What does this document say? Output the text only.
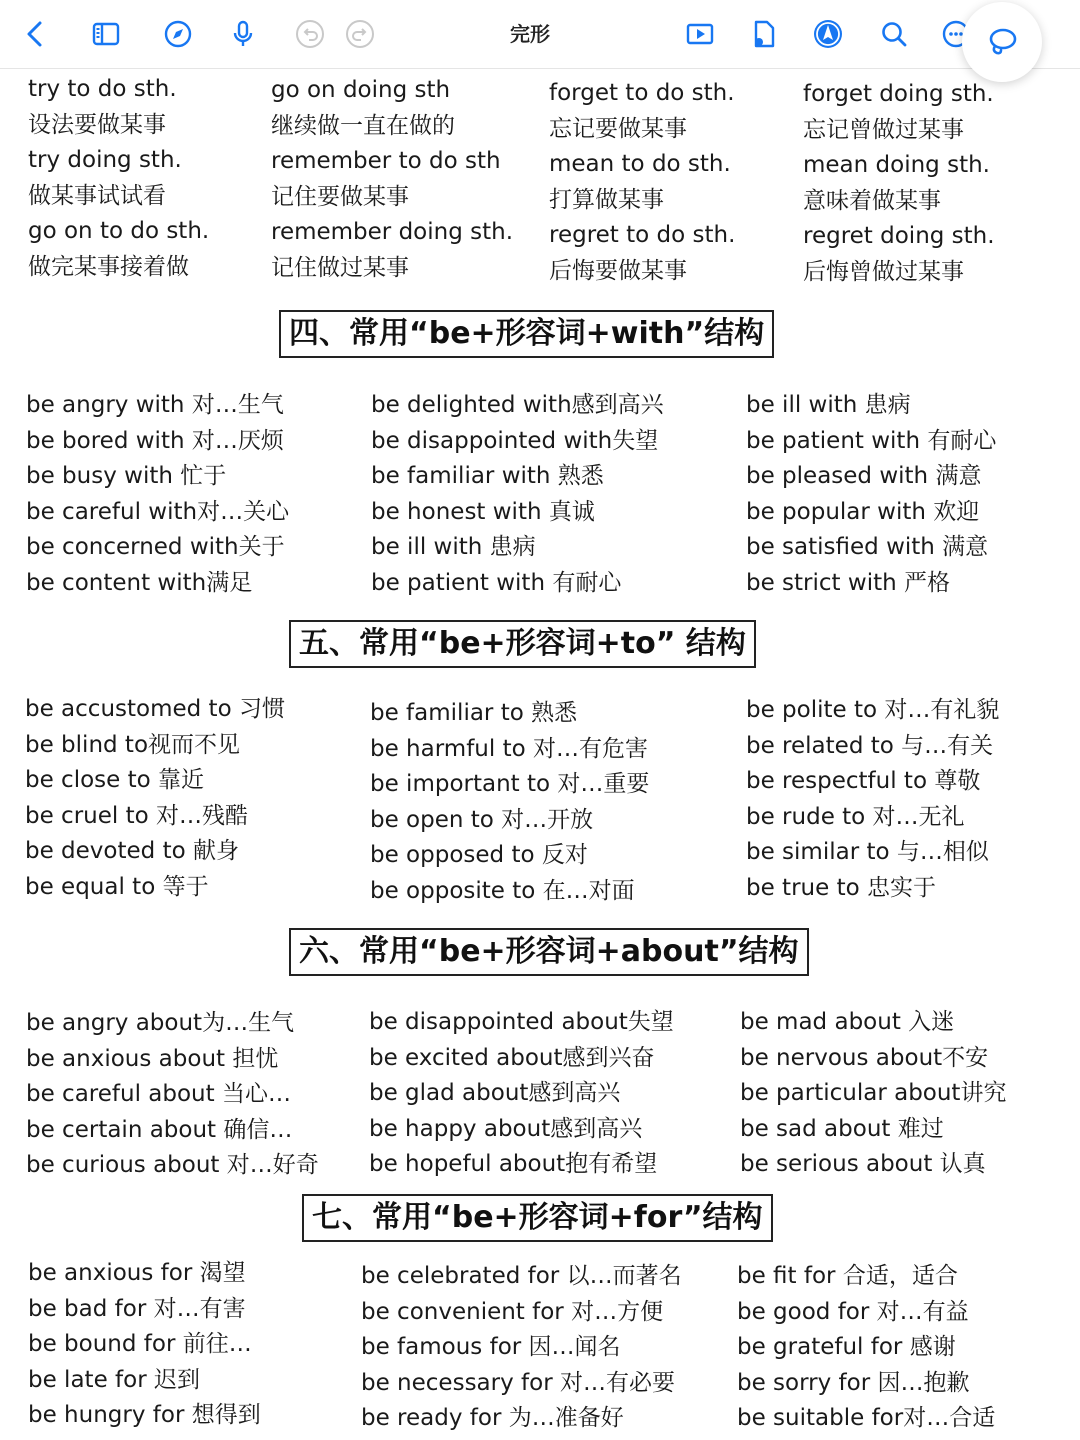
完形
try to do sth.
设法要做某事
try doing sth.
做某事试试看
go on to do sth.
做完某事接着做
go on doing sth
继续做一直在做的
remember to do sth
记住要做某事
remember doing sth.
记住做过某事
forget to do sth.
忘记要做某事
mean to do sth.
打算做某事
regret to do sth.
后悔要做某事
forget doing sth.
忘记曾做过某事
mean doing sth.
意味着做某事
regret doing sth.
后悔曾做过某事
四、常用“be+形容词+with”结构
be angry with 对…生气
be bored with 对…厌烦
be busy with 忙于
be careful with对…关心
be concerned with关于
be content with满足
be delighted with感到高兴
be disappointed with失望
be familiar with 熟悉
be honest with 真诚
be ill with 患病
be patient with 有耐心
be ill with 患病
be patient with 有耐心
be pleased with 满意
be popular with 欢迎
be satisfied with 满意
be strict with 严格
五、常用“be+形容词+to” 结构
be accustomed to 习惯
be blind to视而不见
be close to 靠近
be cruel to 对…残酷
be devoted to 献身
be equal to 等于
be familiar to 熟悉
be harmful to 对…有危害
be important to 对…重要
be open to 对…开放
be opposed to 反对
be opposite to 在…对面
be polite to 对…有礼貌
be related to 与…有关
be respectful to 尊敬
be rude to 对…无礼
be similar to 与…相似
be true to 忠实于
六、常用“be+形容词+about”结构
be angry about为…生气
be anxious about 担忧
be careful about 当心…
be certain about 确信…
be curious about 对…好奇
be disappointed about失望
be excited about感到兴奋
be glad about感到高兴
be happy about感到高兴
be hopeful about抱有希望
be mad about 入迷
be nervous about不安
be particular about讲究
be sad about 难过
be serious about 认真
七、常用“be+形容词+for”结构
be anxious for 渴望
be bad for 对…有害
be bound for 前往…
be late for 迟到
be hungry for 想得到
be celebrated for 以…而著名
be convenient for 对…方便
be famous for 因…闻名
be necessary for 对…有必要
be ready for 为…准备好
be fit for 合适，适合
be good for 对…有益
be grateful for 感谢
be sorry for 因…抱歉
be suitable for对…合适
